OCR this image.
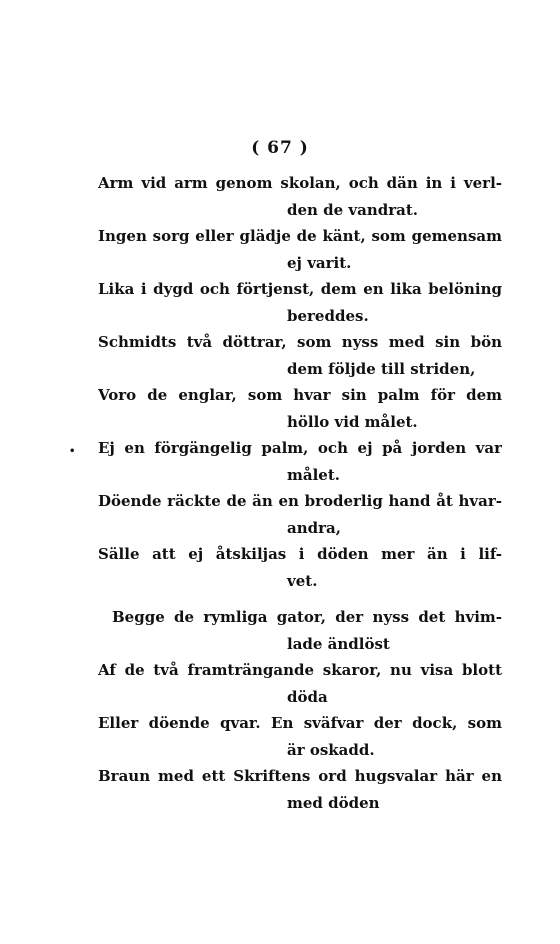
( 67 )
•
Arm vid arm genom skolan, och dän in i verl-
den de vandrat.
Ingen sorg eller glädje de känt, som gemensam
ej varit.
Lika i dygd och förtjenst, dem en lika belöning
bereddes.
Schmidts två döttrar, som nyss med sin bön
dem följde till striden,
Voro de englar, som hvar sin palm för dem
höllo vid målet.
Ej en förgängelig palm, och ej på jorden var
målet.
Döende räckte de än en broderlig hand åt hvar-
andra,
Sälle att ej åtskiljas i döden mer än i lif-
vet.
Begge de rymliga gator, der nyss det hvim-
lade ändlöst
Af de två framträngande skaror, nu visa blott
döda
Eller döende qvar. En sväfvar der dock, som
är oskadd.
Braun med ett Skriftens ord hugsvalar här en
med döden
